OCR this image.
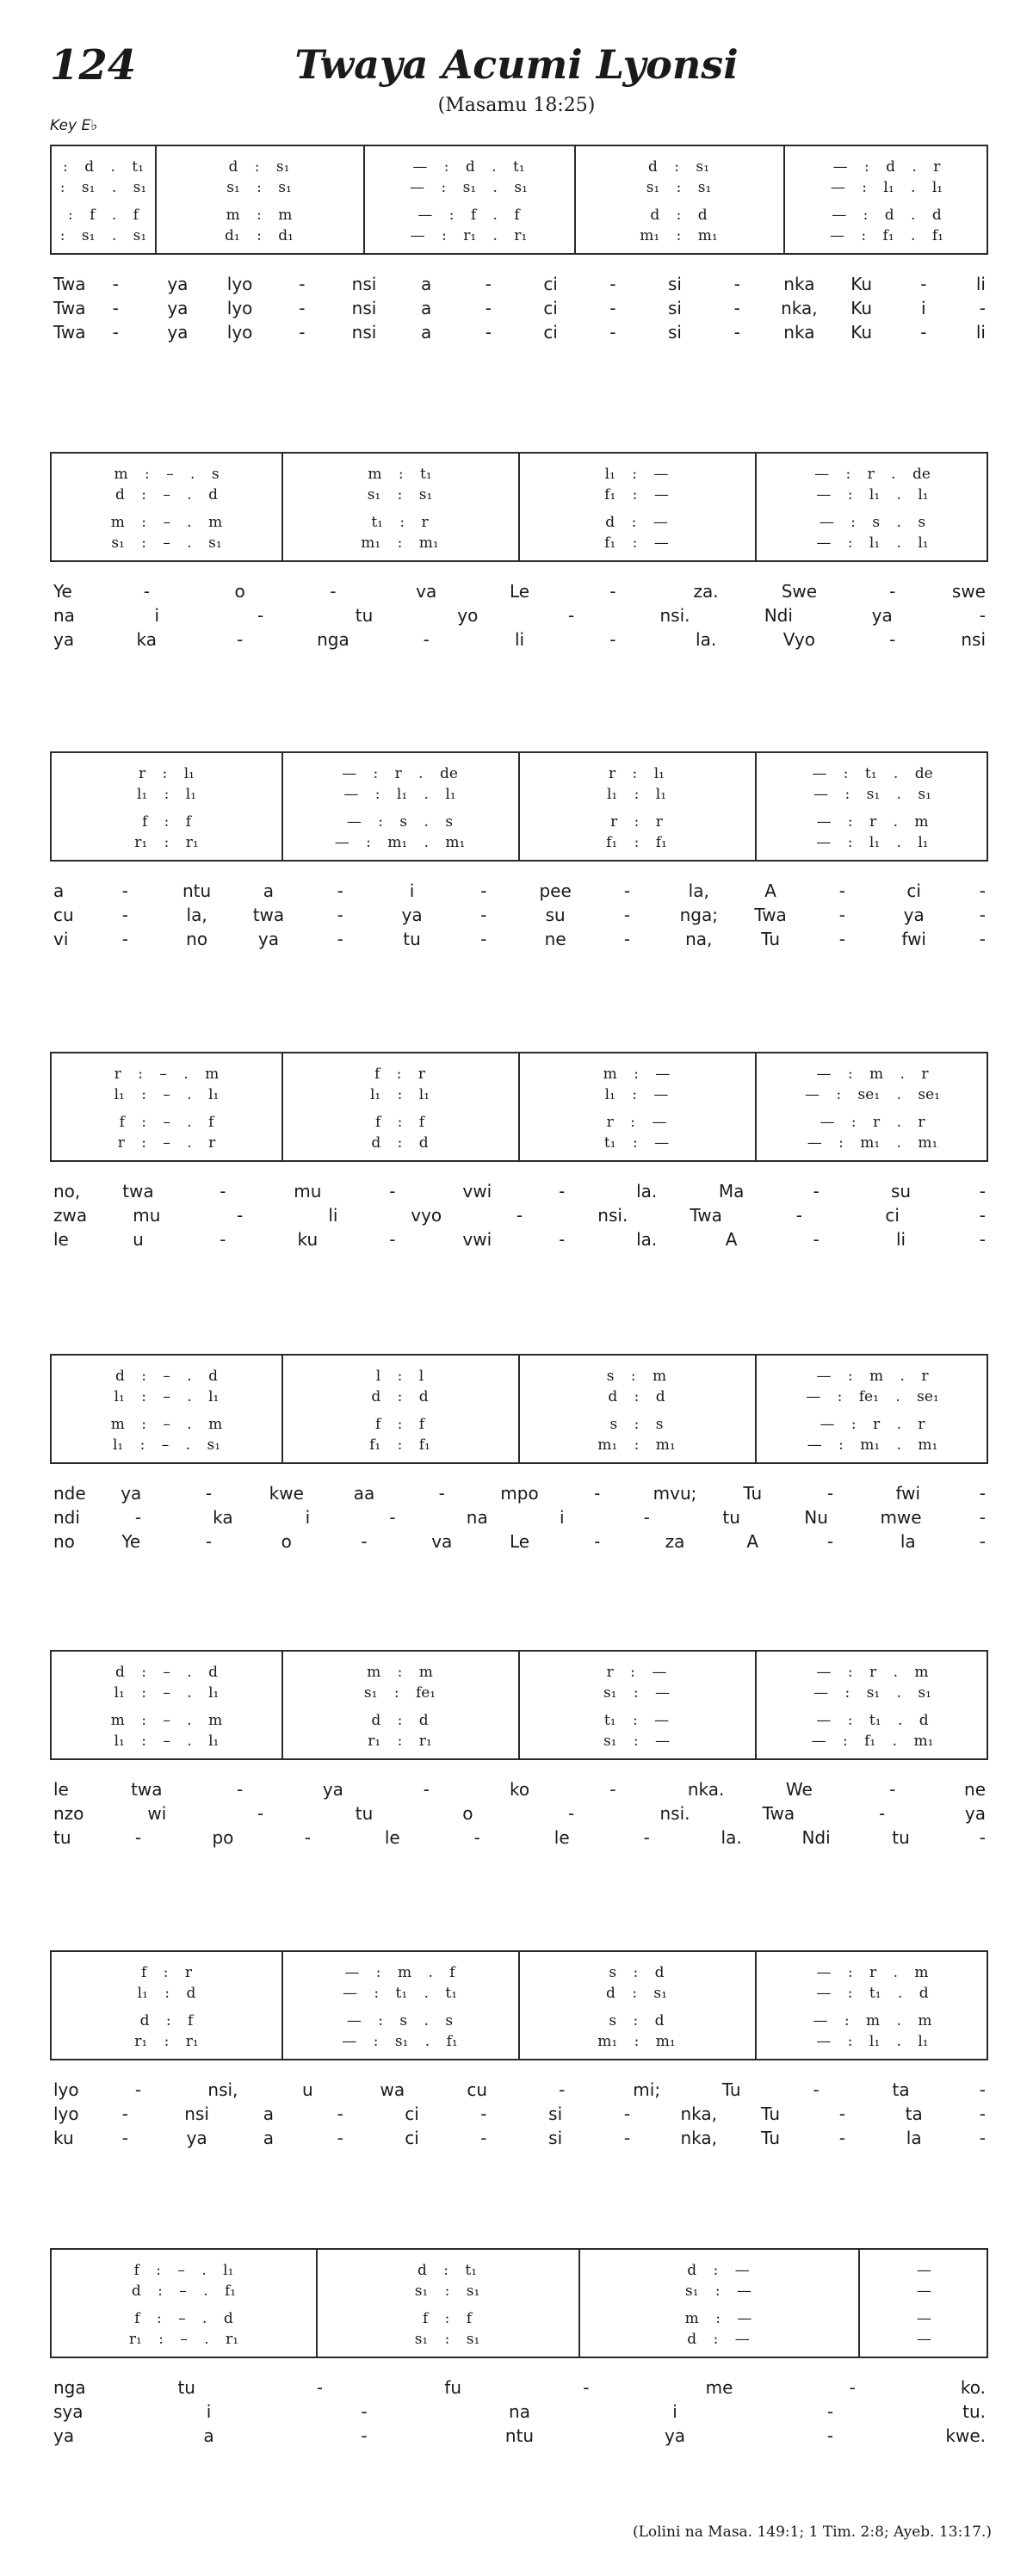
124	Twaya Acumi Lyonsi
(Masamu 18:25)
Key E♭
: d . t₁	d : s₁	— : d . t₁	d : s₁	— : d . r
: s₁ . s₁	s₁ : s₁	— : s₁ . s₁	s₁ : s₁	— : l₁ . l₁
: f . f	m : m	— : f . f	d : d	— : d . d
: s₁ . s₁	d₁ : d₁	— : r₁ . r₁	m₁ : m₁	— : f₁ . f₁
Twa -	ya lyo	-	nsi	a	-	ci	-	si	-	nka Ku	-	li
Twa -	ya lyo	-	nsi	a	-	ci	-	si	- nka, Ku	i	-
Twa -	ya lyo	-	nsi	a	-	ci	-	si	-	nka Ku	-	li
m : – . s	m : t₁	l₁ : —	— : r . de
d : – . d	s₁ : s₁	f₁ : —	— : l₁ . l₁
m : – . m	t₁ : r	d : —	— : s . s
s₁ : – . s₁	m₁ : m₁	f₁ : —	— : l₁ . l₁
Ye	-	o	-	va	Le	-	za.	Swe	-	swe
na	i	-	tu	yo	-	nsi.	Ndi	ya	-
ya	ka	-	nga	-	li	-	la.	Vyo	-	nsi
r : l₁	— : r . de	r : l₁	— : t₁ . de
l₁ : l₁	— : l₁ . l₁	l₁ : l₁	— : s₁ . s₁
f : f	— : s . s	r : r	— : r . m
r₁ : r₁	— : m₁ . m₁	f₁ : f₁	— : l₁ . l₁
a	-	ntu	a	-	i	-	pee	-	la,	A	-	ci	-
cu	-	la,	twa	-	ya	-	su	-	nga; Twa	-	ya	-
vi	-	no	ya	-	tu	-	ne	-	na,	Tu	-	fwi	-
r : – . m	f : r	m : —	— : m . r
l₁ : – . l₁	l₁ : l₁	l₁ : —	— : se₁ . se₁
f : – . f	f : f	r : —	— : r . r
r : – . r	d : d	t₁ : —	— : m₁ . m₁
no, twa	-	mu	-	vwi	-	la.	Ma	-	su	-
zwa	mu	-	li	vyo	-	nsi.	Twa	-	ci	-
le	u	-	ku	-	vwi	-	la.	A	-	li	-
d : – . d	l : l	s : m	— : m . r
l₁ : – . l₁	d : d	d : d	— : fe₁ . se₁
m : – . m	f : f	s : s	— : r . r
l₁ : – . s₁	f₁ : f₁	m₁ : m₁	— : m₁ . m₁
nde ya	-	kwe	aa	-	mpo	-	mvu;	Tu	-	fwi	-
ndi	-	ka	i	-	na	i	-	tu	Nu	mwe	-
no	Ye	-	o	-	va	Le	-	za	A	-	la	-
d : – . d	m : m	r : —	— : r . m
l₁ : – . l₁	s₁ : fe₁	s₁ : —	— : s₁ . s₁
m : – . m	d : d	t₁ : —	— : t₁ . d
l₁ : – . l₁	r₁ : r₁	s₁ : —	— : f₁ . m₁
le	twa	-	ya	-	ko	-	nka.	We	-	ne
nzo	wi	-	tu	o	-	nsi.	Twa	-	ya
tu	-	po	-	le	-	le	-	la.	Ndi	tu	-
f : r	— : m . f	s : d	— : r . m
l₁ : d	— : t₁ . t₁	d : s₁	— : t₁ . d
d : f	— : s . s	s : d	— : m . m
r₁ : r₁	— : s₁ . f₁	m₁ : m₁	— : l₁ . l₁
lyo	-	nsi,	u	wa	cu	-	mi;	Tu	-	ta	-
lyo	-	nsi	a	-	ci	-	si	-	nka,	Tu	-	ta	-
ku	-	ya	a	-	ci	-	si	-	nka,	Tu	-	la	-
f : – . l₁	d : t₁	d : —	—
d : – . f₁	s₁ : s₁	s₁ : —	—
f : – . d	f : f	m : —	—
r₁ : – . r₁	s₁ : s₁	d : —	—
nga	tu	-	fu	-	me	-	ko.
sya	i	-	na	i	-	tu.
ya	a	-	ntu	ya	-	kwe.
(Lolini na Masa. 149:1; 1 Tim. 2:8; Ayeb. 13:17.)
